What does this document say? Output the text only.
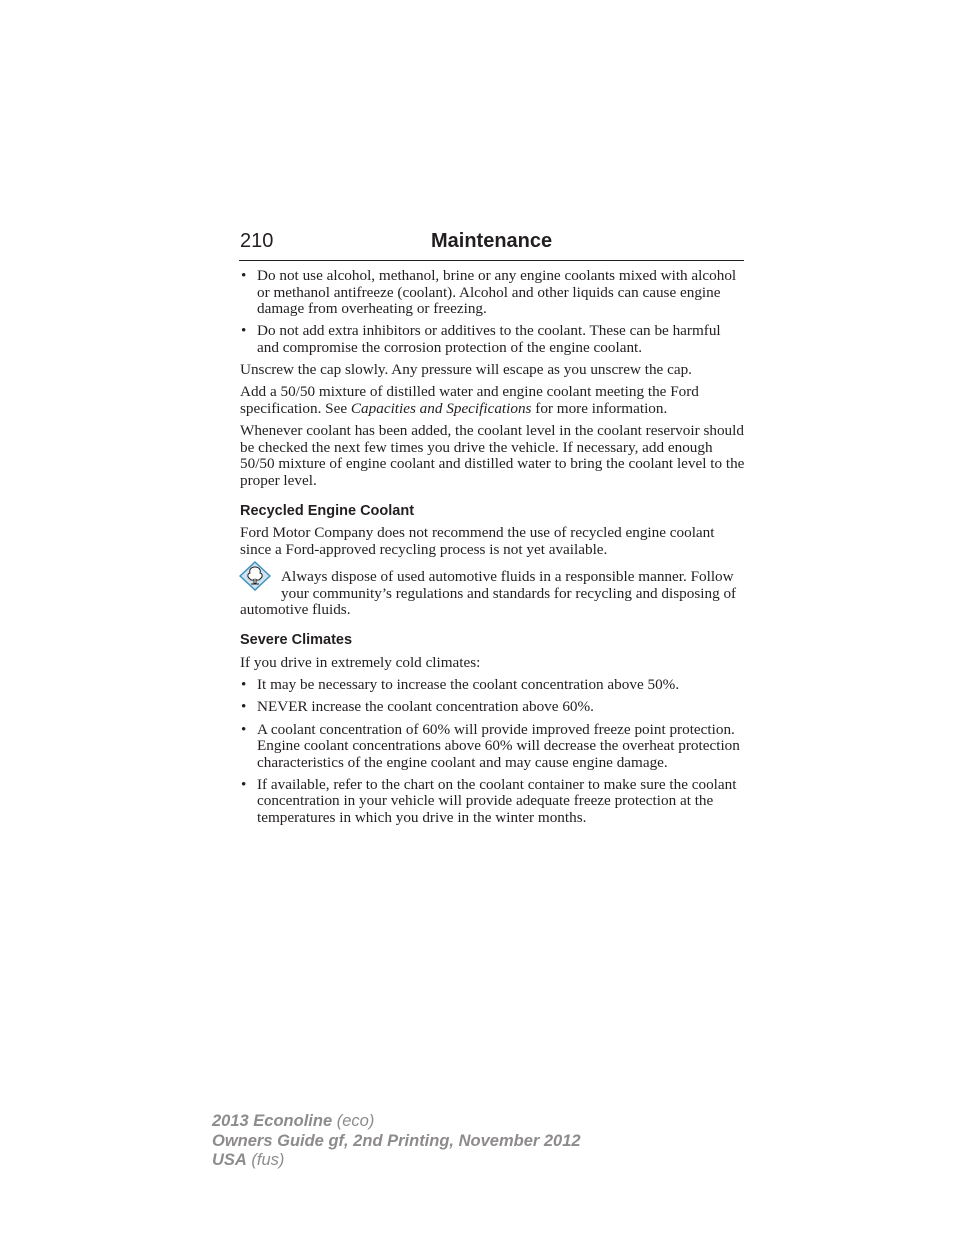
210	Maintenance
• Do not use alcohol, methanol, brine or any engine coolants mixed with alcohol or methanol antifreeze (coolant). Alcohol and other liquids can cause engine damage from overheating or freezing.
• Do not add extra inhibitors or additives to the coolant. These can be harmful and compromise the corrosion protection of the engine coolant.

Unscrew the cap slowly. Any pressure will escape as you unscrew the cap.

Add a 50/50 mixture of distilled water and engine coolant meeting the Ford specification. See Capacities and Specifications for more information.

Whenever coolant has been added, the coolant level in the coolant reservoir should be checked the next few times you drive the vehicle. If necessary, add enough 50/50 mixture of engine coolant and distilled water to bring the coolant level to the proper level.

Recycled Engine Coolant

Ford Motor Company does not recommend the use of recycled engine coolant since a Ford-approved recycling process is not yet available.

Always dispose of used automotive fluids in a responsible manner. Follow your community’s regulations and standards for recycling and disposing of automotive fluids.
Severe Climates

If you drive in extremely cold climates:

• It may be necessary to increase the coolant concentration above 50%.
• NEVER increase the coolant concentration above 60%.
• A coolant concentration of 60% will provide improved freeze point protection. Engine coolant concentrations above 60% will decrease the overheat protection characteristics of the engine coolant and may cause engine damage.
• If available, refer to the chart on the coolant container to make sure the coolant concentration in your vehicle will provide adequate freeze protection at the temperatures in which you drive in the winter months.
2013 Econoline (eco)
Owners Guide gf, 2nd Printing, November 2012
USA (fus)
